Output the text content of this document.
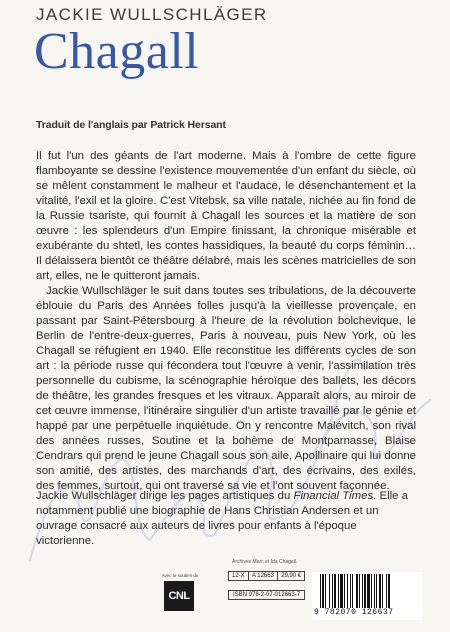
JACKIE WULLSCHLÄGER
Chagall
Traduit de l'anglais par Patrick Hersant

Il fut l'un des géants de l'art moderne. Mais à l'ombre de cette figure flamboyante se dessine l'existence mouvementée d'un enfant du siècle, où se mêlent constamment le malheur et l'audace, le désenchantement et la vitalité, l'exil et la gloire. C'est Vitebsk, sa ville natale, nichée au fin fond de la Russie tsariste, qui fournit à Chagall les sources et la matière de son œuvre : les splendeurs d'un Empire finissant, la chronique misérable et exubérante du shtetl, les contes hassidiques, la beauté du corps féminin… Il délaissera bientôt ce théâtre délabré, mais les scènes matricielles de son art, elles, ne le quitteront jamais.

Jackie Wullschläger le suit dans toutes ses tribulations, de la découverte éblouie du Paris des Années folles jusqu'à la vieillesse provençale, en passant par Saint-Pétersbourg à l'heure de la révolution bolchevique, le Berlin de l'entre-deux-guerres, Paris à nouveau, puis New York, où les Chagall se réfugient en 1940. Elle reconstitue les différents cycles de son art : la période russe qui fécondera tout l'œuvre à venir, l'assimilation très personnelle du cubisme, la scénographie héroïque des ballets, les décors de théâtre, les grandes fresques et les vitraux. Apparaît alors, au miroir de cet œuvre immense, l'itinéraire singulier d'un artiste travaillé par le génie et happé par une perpétuelle inquiétude. On y rencontre Malévitch, son rival des années russes, Soutine et la bohème de Montparnasse, Blaise Cendrars qui prend le jeune Chagall sous son aile, Apollinaire qui lui donne son amitié, des artistes, des marchands d'art, des écrivains, des exilés, des femmes, surtout, qui ont traversé sa vie et l'ont souvent façonnée.

Jackie Wullschläger dirige les pages artistiques du Financial Times. Elle a notamment publié une biographie de Hans Christian Andersen et un ouvrage consacré aux auteurs de livres pour enfants à l'époque victorienne.

Archives Marc et Ida Chagall.
Avec le soutien du
CNL
12-X	A 12663	29,90 €
ISBN 978-2-07-012663-7
9 782070 126637
